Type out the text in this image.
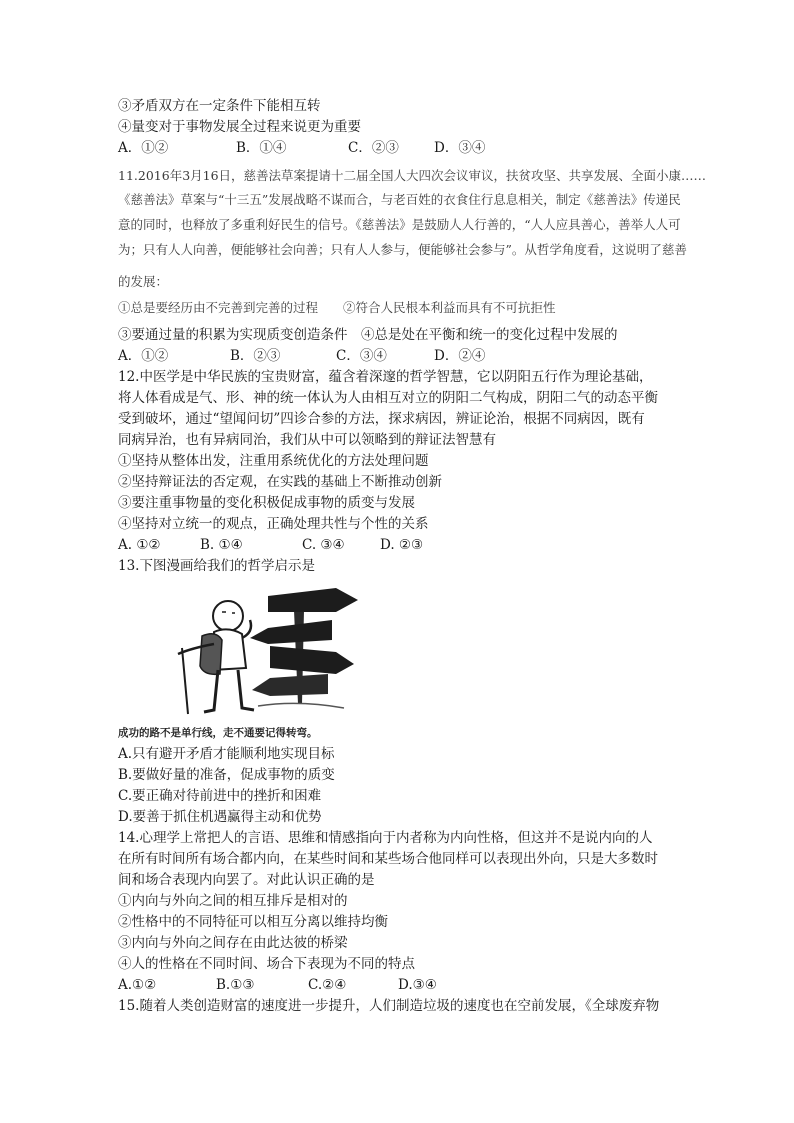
③矛盾双方在一定条件下能相互转
④量变对于事物发展全过程来说更为重要
A．①②	B．①④	C．②③	D．③④
11.2016年3月16日，慈善法草案提请十二届全国人大四次会议审议，扶贫攻坚、共享发展、全面小康……
《慈善法》草案与“十三五”发展战略不谋而合，与老百姓的衣食住行息息相关，制定《慈善法》传递民
意的同时，也释放了多重利好民生的信号。《慈善法》是鼓励人人行善的，“人人应具善心，善举人人可
为；只有人人向善，便能够社会向善；只有人人参与，便能够社会参与”。从哲学角度看，这说明了慈善
的发展：
①总是要经历由不完善到完善的过程　　②符合人民根本利益而具有不可抗拒性
③要通过量的积累为实现质变创造条件　④总是处在平衡和统一的变化过程中发展的
A．①②	B．②③	C．③④	D．②④
12.中医学是中华民族的宝贵财富，蕴含着深邃的哲学智慧，它以阴阳五行作为理论基础，
将人体看成是气、形、神的统一体认为人由相互对立的阴阳二气构成，阴阳二气的动态平衡
受到破坏，通过“望闻问切”四诊合参的方法，探求病因，辨证论治，根据不同病因，既有
同病异治，也有异病同治，我们从中可以领略到的辩证法智慧有
①坚持从整体出发，注重用系统优化的方法处理问题
②坚持辩证法的否定观，在实践的基础上不断推动创新
③要注重事物量的变化积极促成事物的质变与发展
④坚持对立统一的观点，正确处理共性与个性的关系
A. ①②	B. ①④	C. ③④	D. ②③
13.下图漫画给我们的哲学启示是
成功的路不是单行线，走不通要记得转弯。
A.只有避开矛盾才能顺利地实现目标
B.要做好量的准备，促成事物的质变
C.要正确对待前进中的挫折和困难
D.要善于抓住机遇赢得主动和优势
14.心理学上常把人的言语、思维和情感指向于内者称为内向性格，但这并不是说内向的人
在所有时间所有场合都内向，在某些时间和某些场合他同样可以表现出外向，只是大多数时
间和场合表现内向罢了。对此认识正确的是
①内向与外向之间的相互排斥是相对的
②性格中的不同特征可以相互分离以维持均衡
③内向与外向之间存在由此达彼的桥梁
④人的性格在不同时间、场合下表现为不同的特点
A.①②	B.①③	C.②④	D.③④
15.随着人类创造财富的速度进一步提升，人们制造垃圾的速度也在空前发展，《全球废弃物
